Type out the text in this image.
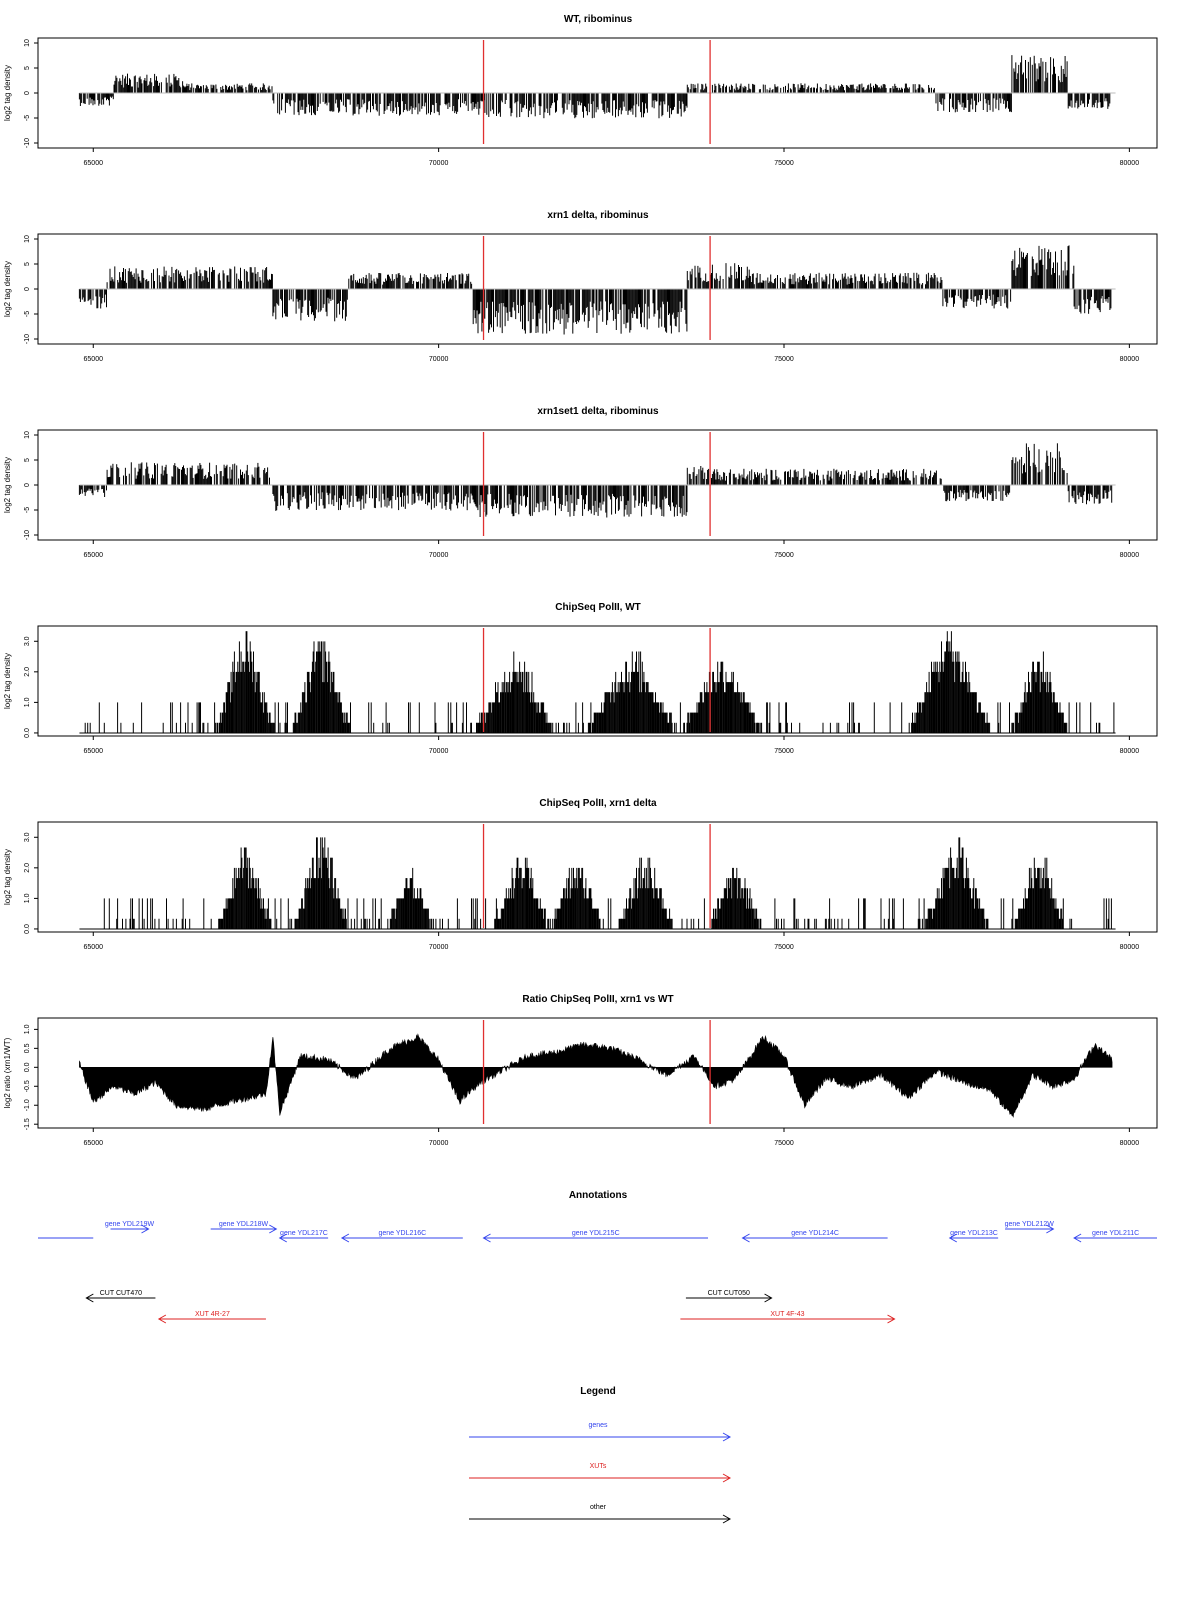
WT, ribominus
-10
-5
0
5
10
log2 tag density
65000	70000	75000	80000
xrn1 delta, ribominus
-10
-5
0
5
10
log2 tag density
65000	70000	75000	80000
xrn1set1 delta, ribominus
-10
-5
0
5
10
log2 tag density
65000	70000	75000	80000
ChipSeq PolII, WT
0.0
1.0
2.0
3.0
log2 tag density
65000	70000	75000	80000
ChipSeq PolII, xrn1 delta
0.0
1.0
2.0
3.0
log2 tag density
65000	70000	75000	80000
Ratio ChipSeq PolII, xrn1 vs WT
-1.5
-1.0
-0.5
0.0
0.5
1.0
log2 ratio (xrn1/WT)
65000	70000	75000	80000
Annotations
gene YDL219W	gene YDL218W
gene YDL217C	gene YDL216C	gene YDL215C	gene YDL214C	gene YDL213C
gene YDL212W
gene YDL211C
CUT CUT470
XUT 4R-27
CUT CUT050
XUT 4F-43
Legend
genes
XUTs
other
